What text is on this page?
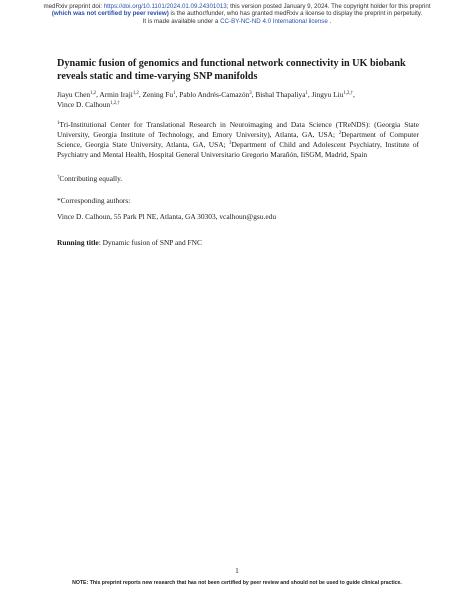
medRxiv preprint doi: https://doi.org/10.1101/2024.01.09.24301013; this version posted January 9, 2024. The copyright holder for this preprint
(which was not certified by peer review) is the author/funder, who has granted medRxiv a license to display the preprint in perpetuity.
It is made available under a CC-BY-NC-ND 4.0 International license .
Dynamic fusion of genomics and functional network connectivity in UK biobank reveals static and time-varying SNP manifolds
Jiayu Chen$^{1,2}$, Armin Iraji$^{1,2}$, Zening Fu$^1$, Pablo Andrés-Camazón$^3$, Bishal Thapaliya$^1$, Jingyu Liu$^{1,2,\dagger}$,
Vince D. Calhoun$^{1,2,\dagger}$
$^1$Tri-Institutional Center for Translational Research in Neuroimaging and Data Science (TReNDS): (Georgia State University, Georgia Institute of Technology, and Emory University), Atlanta, GA, USA; $^2$Department of Computer Science, Georgia State University, Atlanta, GA, USA; $^3$Department of Child and Adolescent Psychiatry, Institute of Psychiatry and Mental Health, Hospital General Universitario Gregorio Marañón, IiSGM, Madrid, Spain
†Contributing equally.
*Corresponding authors:
Vince D. Calhoun, 55 Park Pl NE, Atlanta, GA 30303, vcalhoun@gsu.edu
Running title: Dynamic fusion of SNP and FNC
1
NOTE: This preprint reports new research that has not been certified by peer review and should not be used to guide clinical practice.
